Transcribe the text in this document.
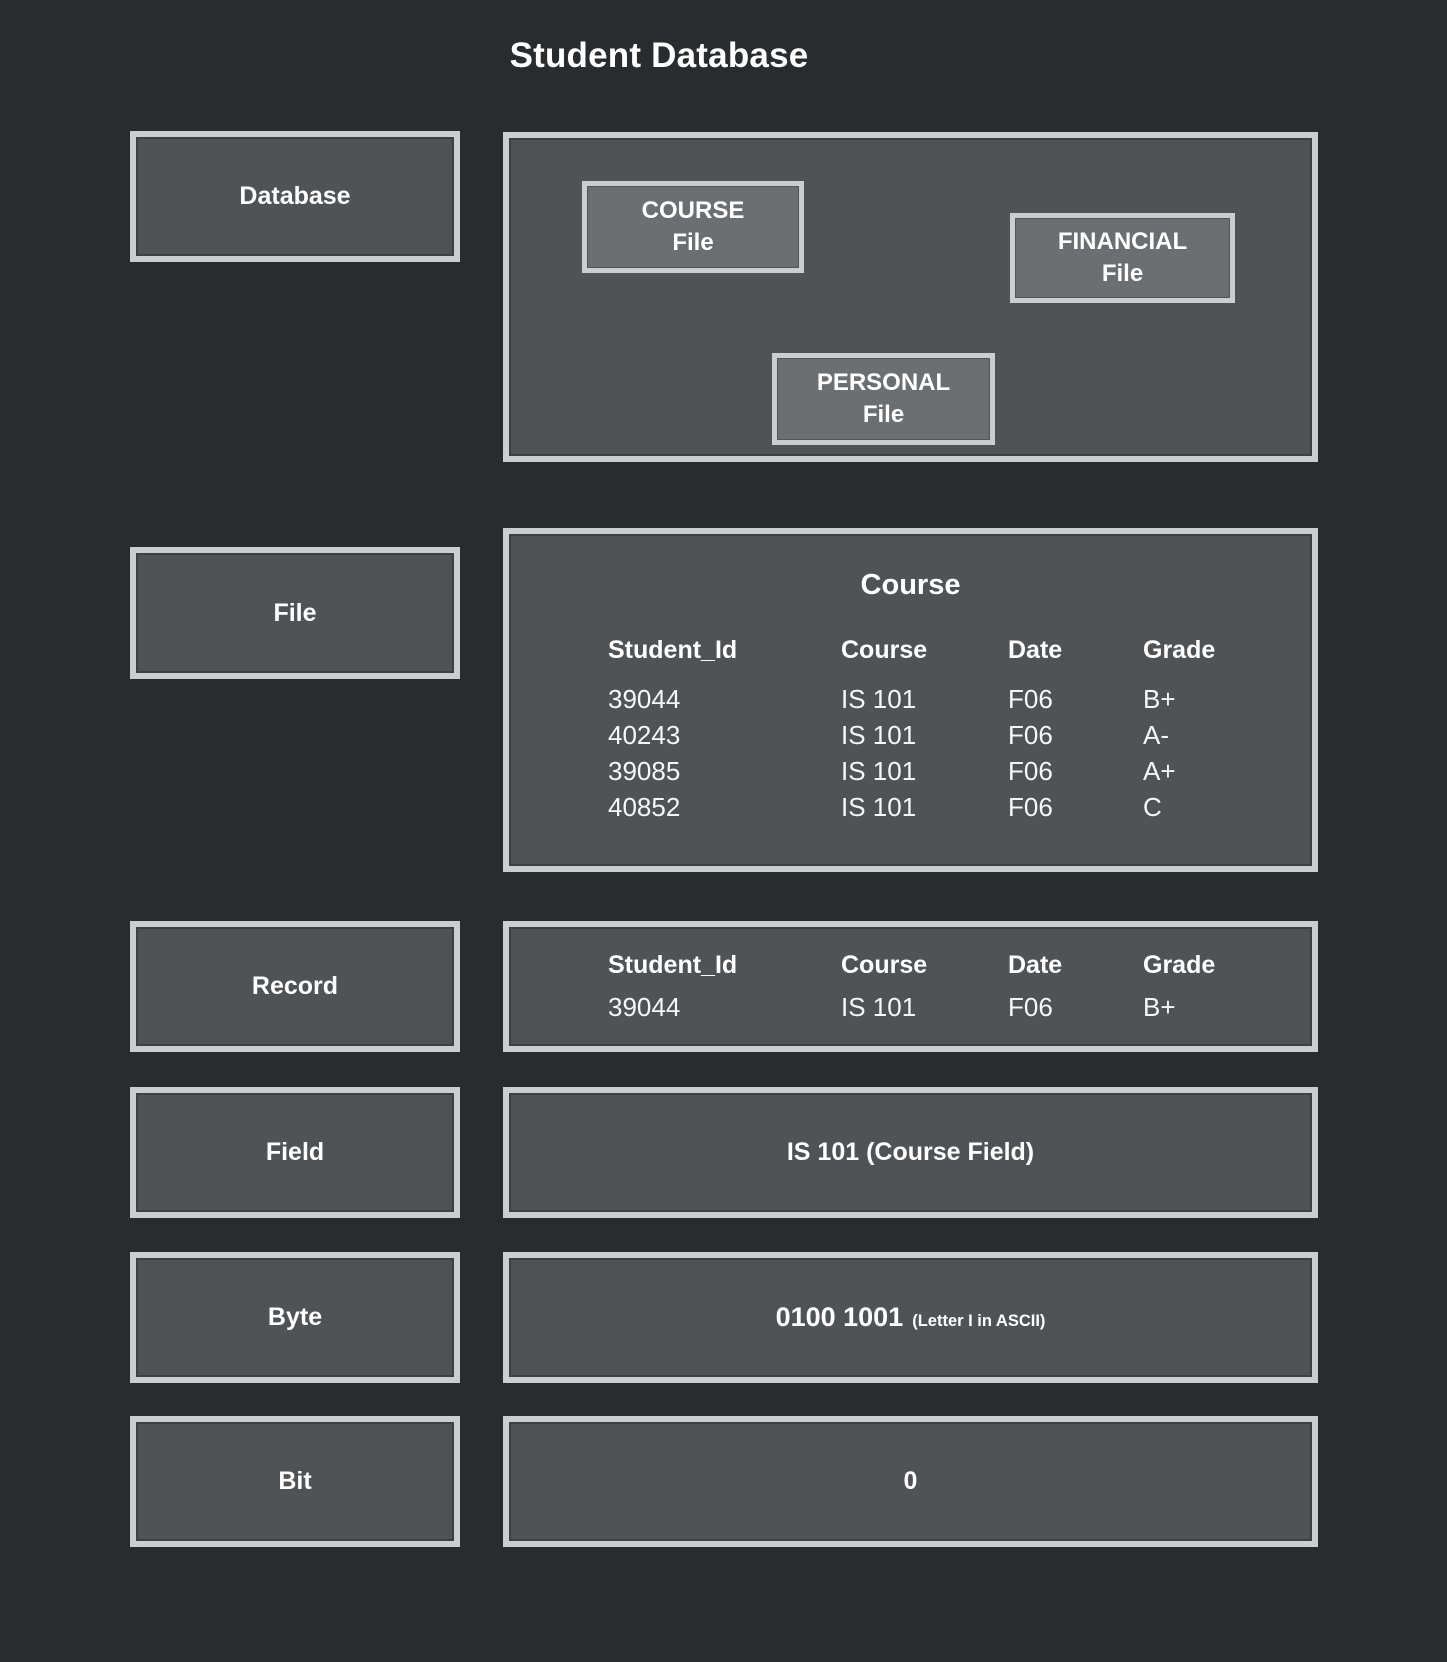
Student Database
Database
COURSE
File	FINANCIAL
File
PERSONAL
File
File
Course
Student_Id	Course	Date	Grade
39044	IS 101	F06	B+
40243	IS 101	F06	A-
39085	IS 101	F06	A+
40852	IS 101	F06	C
Record
Student_Id	Course	Date	Grade
39044	IS 101	F06	B+
Field	IS 101 (Course Field)
Byte	0100 1001 (Letter I in ASCII)
Bit	0
